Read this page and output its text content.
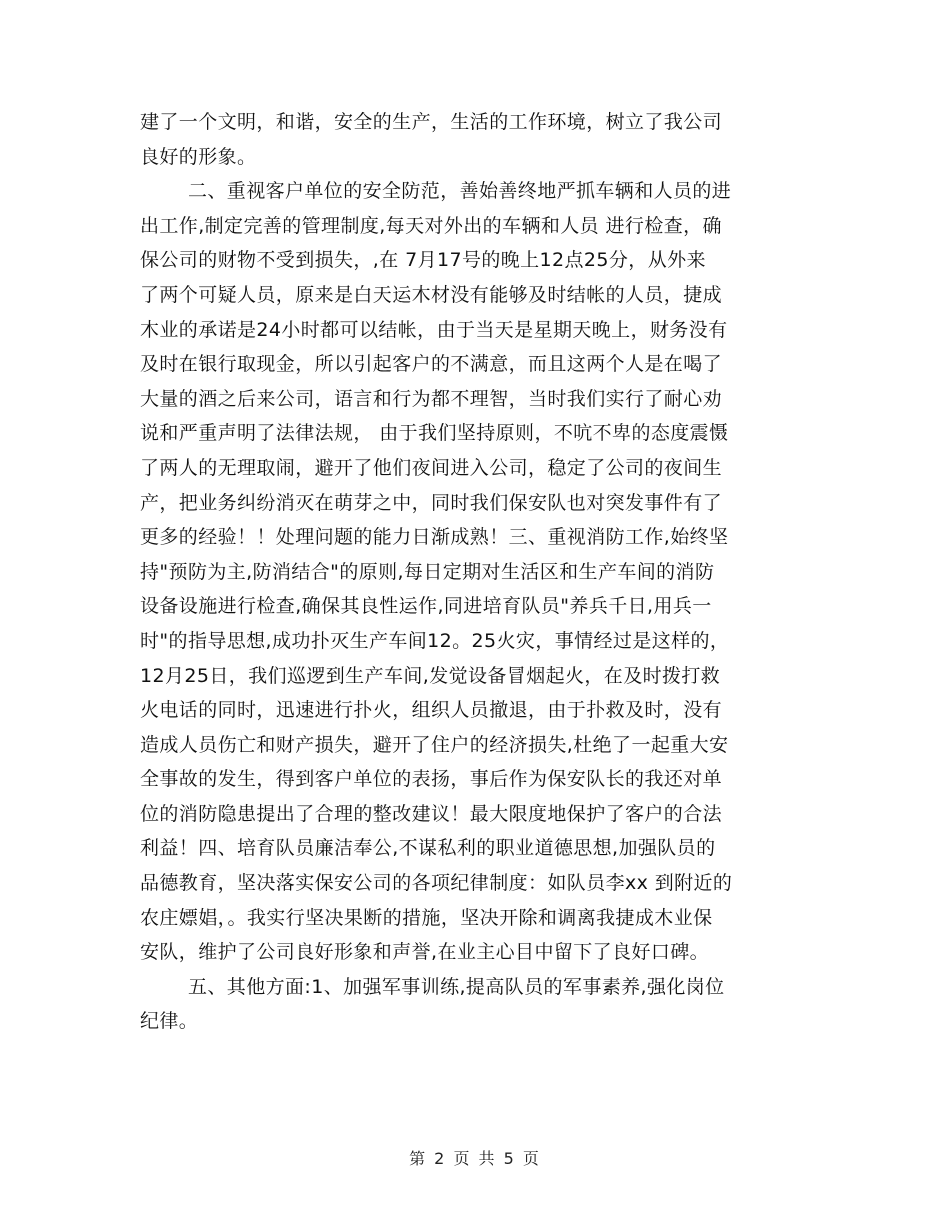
建了一个文明，和谐，安全的生产，生活的工作环境，树立了我公司
良好的形象。
二、重视客户单位的安全防范，善始善终地严抓车辆和人员的进
出工作,制定完善的管理制度,每天对外出的车辆和人员 进行检查，确
保公司的财物不受到损失，,在 7月17号的晚上12点25分，从外来
了两个可疑人员，原来是白天运木材没有能够及时结帐的人员，捷成
木业的承诺是24小时都可以结帐，由于当天是星期天晚上，财务没有
及时在银行取现金，所以引起客户的不满意，而且这两个人是在喝了
大量的酒之后来公司，语言和行为都不理智，当时我们实行了耐心劝
说和严重声明了法律法规， 由于我们坚持原则，不吭不卑的态度震慑
了两人的无理取闹，避开了他们夜间进入公司，稳定了公司的夜间生
产，把业务纠纷消灭在萌芽之中，同时我们保安队也对突发事件有了
更多的经验！！处理问题的能力日渐成熟！三、重视消防工作,始终坚
持"预防为主,防消结合"的原则,每日定期对生活区和生产车间的消防
设备设施进行检查,确保其良性运作,同进培育队员"养兵千日,用兵一
时"的指导思想,成功扑灭生产车间12。25火灾，事情经过是这样的，
12月25日，我们巡逻到生产车间,发觉设备冒烟起火，在及时拨打救
火电话的同时，迅速进行扑火，组织人员撤退，由于扑救及时，没有
造成人员伤亡和财产损失，避开了住户的经济损失,杜绝了一起重大安
全事故的发生，得到客户单位的表扬，事后作为保安队长的我还对单
位的消防隐患提出了合理的整改建议！最大限度地保护了客户的合法
利益！四、培育队员廉洁奉公,不谋私利的职业道德思想,加强队员的
品德教育，坚决落实保安公司的各项纪律制度：如队员李xx 到附近的
农庄嫖娼，。我实行坚决果断的措施，坚决开除和调离我捷成木业保
安队，维护了公司良好形象和声誉,在业主心目中留下了良好口碑。
五、其他方面:1、加强军事训练,提高队员的军事素养,强化岗位
纪律。
第 2 页 共 5 页
